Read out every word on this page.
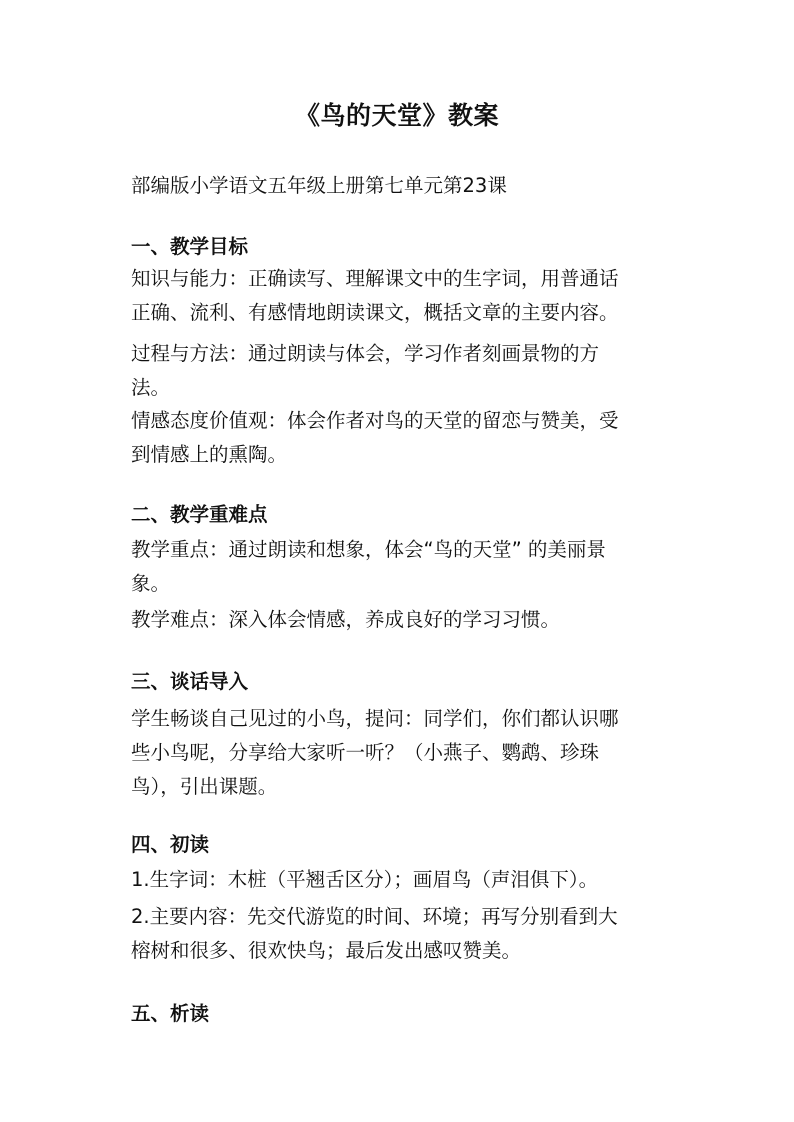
《鸟的天堂》教案
部编版小学语文五年级上册第七单元第23课
一、教学目标
知识与能力：正确读写、理解课文中的生字词，用普通话
正确、流利、有感情地朗读课文，概括文章的主要内容。
过程与方法：通过朗读与体会，学习作者刻画景物的方
法。
情感态度价值观：体会作者对鸟的天堂的留恋与赞美，受
到情感上的熏陶。
二、教学重难点
教学重点：通过朗读和想象，体会“鸟的天堂” 的美丽景
象。
教学难点：深入体会情感，养成良好的学习习惯。
三、谈话导入
学生畅谈自己见过的小鸟，提问：同学们，你们都认识哪
些小鸟呢，分享给大家听一听？（小燕子、鹦鹉、珍珠
鸟），引出课题。
四、初读
1.生字词：木桩（平翘舌区分）；画眉鸟（声泪俱下）。
2.主要内容：先交代游览的时间、环境；再写分别看到大
榕树和很多、很欢快鸟；最后发出感叹赞美。
五、析读
